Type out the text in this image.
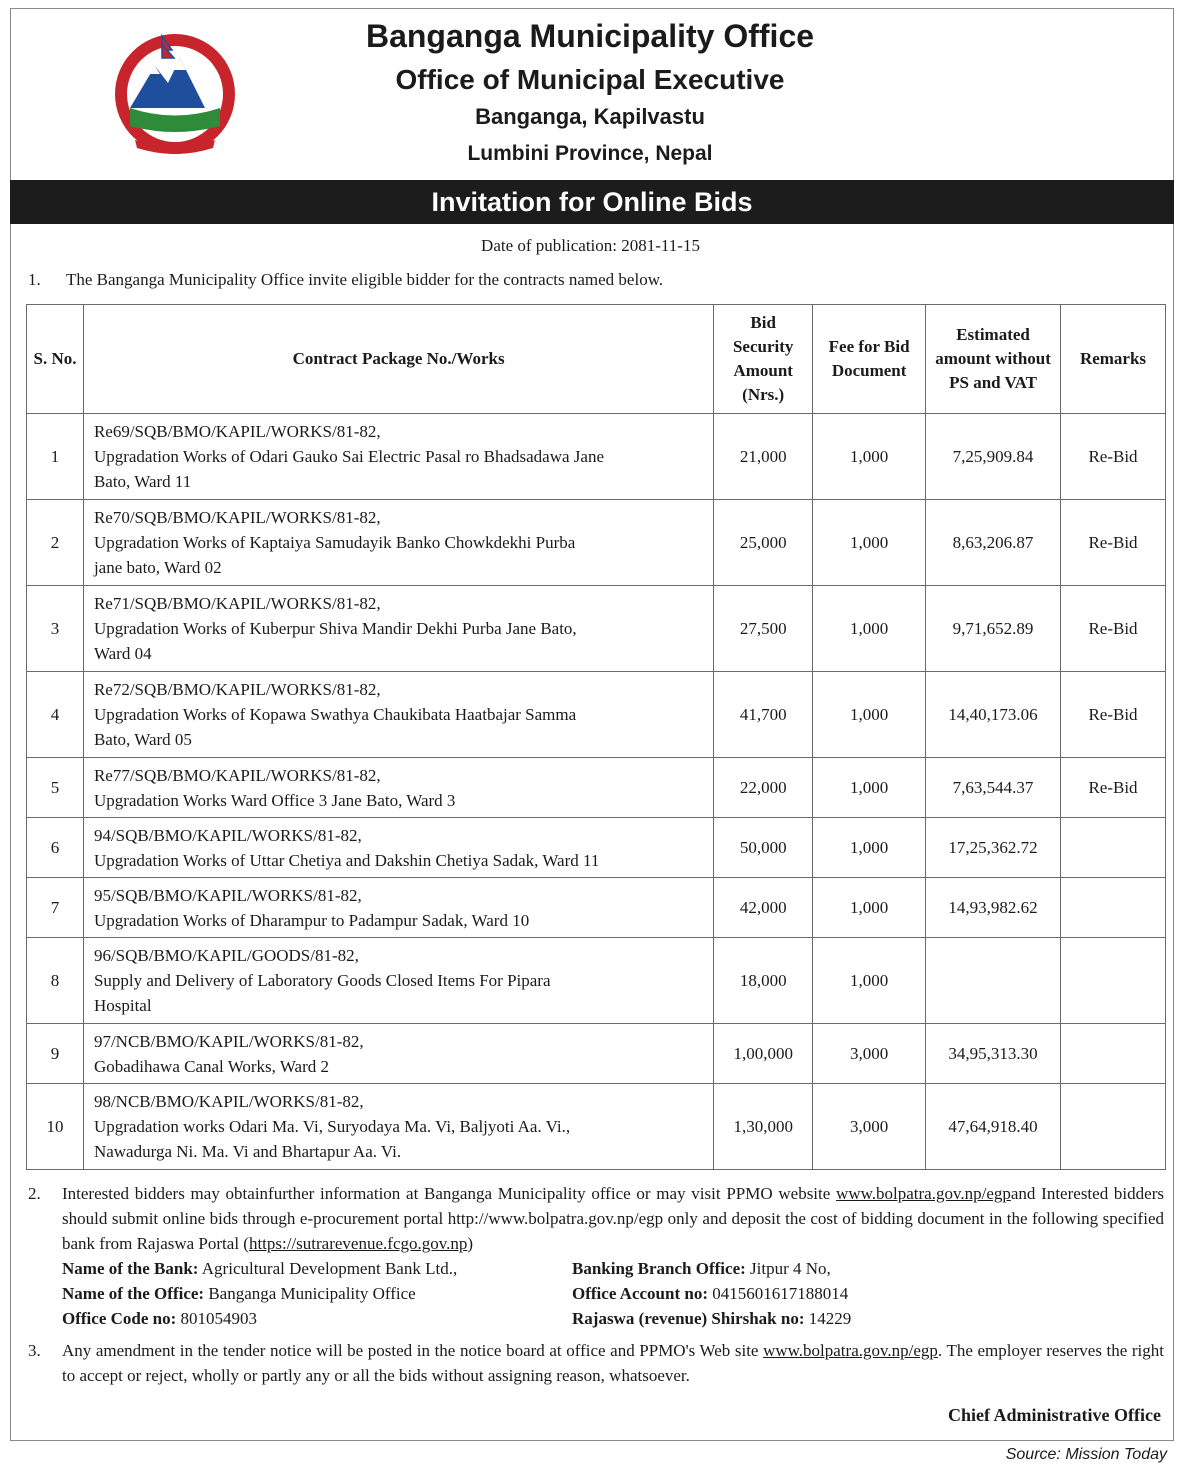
Banganga Municipality Office
Office of Municipal Executive
Banganga, Kapilvastu
Lumbini Province, Nepal
Invitation for Online Bids
Date of publication: 2081-11-15
1. The Banganga Municipality Office invite eligible bidder for the contracts named below.
S. No.	Contract Package No./Works	Bid Security Amount (Nrs.)	Fee for Bid Document	Estimated amount without PS and VAT	Remarks
1	Re69/SQB/BMO/KAPIL/WORKS/81-82,
Upgradation Works of Odari Gauko Sai Electric Pasal ro Bhadsadawa Jane
Bato, Ward 11	21,000	1,000	7,25,909.84	Re-Bid
2	Re70/SQB/BMO/KAPIL/WORKS/81-82,
Upgradation Works of Kaptaiya Samudayik Banko Chowkdekhi Purba
jane bato, Ward 02	25,000	1,000	8,63,206.87	Re-Bid
3	Re71/SQB/BMO/KAPIL/WORKS/81-82,
Upgradation Works of Kuberpur Shiva Mandir Dekhi Purba Jane Bato,
Ward 04	27,500	1,000	9,71,652.89	Re-Bid
4	Re72/SQB/BMO/KAPIL/WORKS/81-82,
Upgradation Works of Kopawa Swathya Chaukibata Haatbajar Samma
Bato, Ward 05	41,700	1,000	14,40,173.06	Re-Bid
5	Re77/SQB/BMO/KAPIL/WORKS/81-82,
Upgradation Works Ward Office 3 Jane Bato, Ward 3	22,000	1,000	7,63,544.37	Re-Bid
6	94/SQB/BMO/KAPIL/WORKS/81-82,
Upgradation Works of Uttar Chetiya and Dakshin Chetiya Sadak, Ward 11	50,000	1,000	17,25,362.72	
7	95/SQB/BMO/KAPIL/WORKS/81-82,
Upgradation Works of Dharampur to Padampur Sadak, Ward 10	42,000	1,000	14,93,982.62	
8	96/SQB/BMO/KAPIL/GOODS/81-82,
Supply and Delivery of Laboratory Goods Closed Items For Pipara
Hospital	18,000	1,000		
9	97/NCB/BMO/KAPIL/WORKS/81-82,
Gobadihawa Canal Works, Ward 2	1,00,000	3,000	34,95,313.30	
10	98/NCB/BMO/KAPIL/WORKS/81-82,
Upgradation works Odari Ma. Vi, Suryodaya Ma. Vi, Baljyoti Aa. Vi.,
Nawadurga Ni. Ma. Vi and Bhartapur Aa. Vi.	1,30,000	3,000	47,64,918.40	
2. Interested bidders may obtainfurther information at Banganga Municipality office or may visit PPMO website www.bolpatra.gov.np/egpand Interested bidders should submit online bids through e-procurement portal http://www.bolpatra.gov.np/egp only and deposit the cost of bidding document in the following specified bank from Rajaswa Portal (https://sutrarevenue.fcgo.gov.np)
Name of the Bank: Agricultural Development Bank Ltd.,	Banking Branch Office: Jitpur 4 No,
Name of the Office: Banganga Municipality Office	Office Account no: 0415601617188014
Office Code no: 801054903	Rajaswa (revenue) Shirshak no: 14229
3. Any amendment in the tender notice will be posted in the notice board at office and PPMO's Web site www.bolpatra.gov.np/egp. The employer reserves the right to accept or reject, wholly or partly any or all the bids without assigning reason, whatsoever.
Chief Administrative Office
Source: Mission Today
